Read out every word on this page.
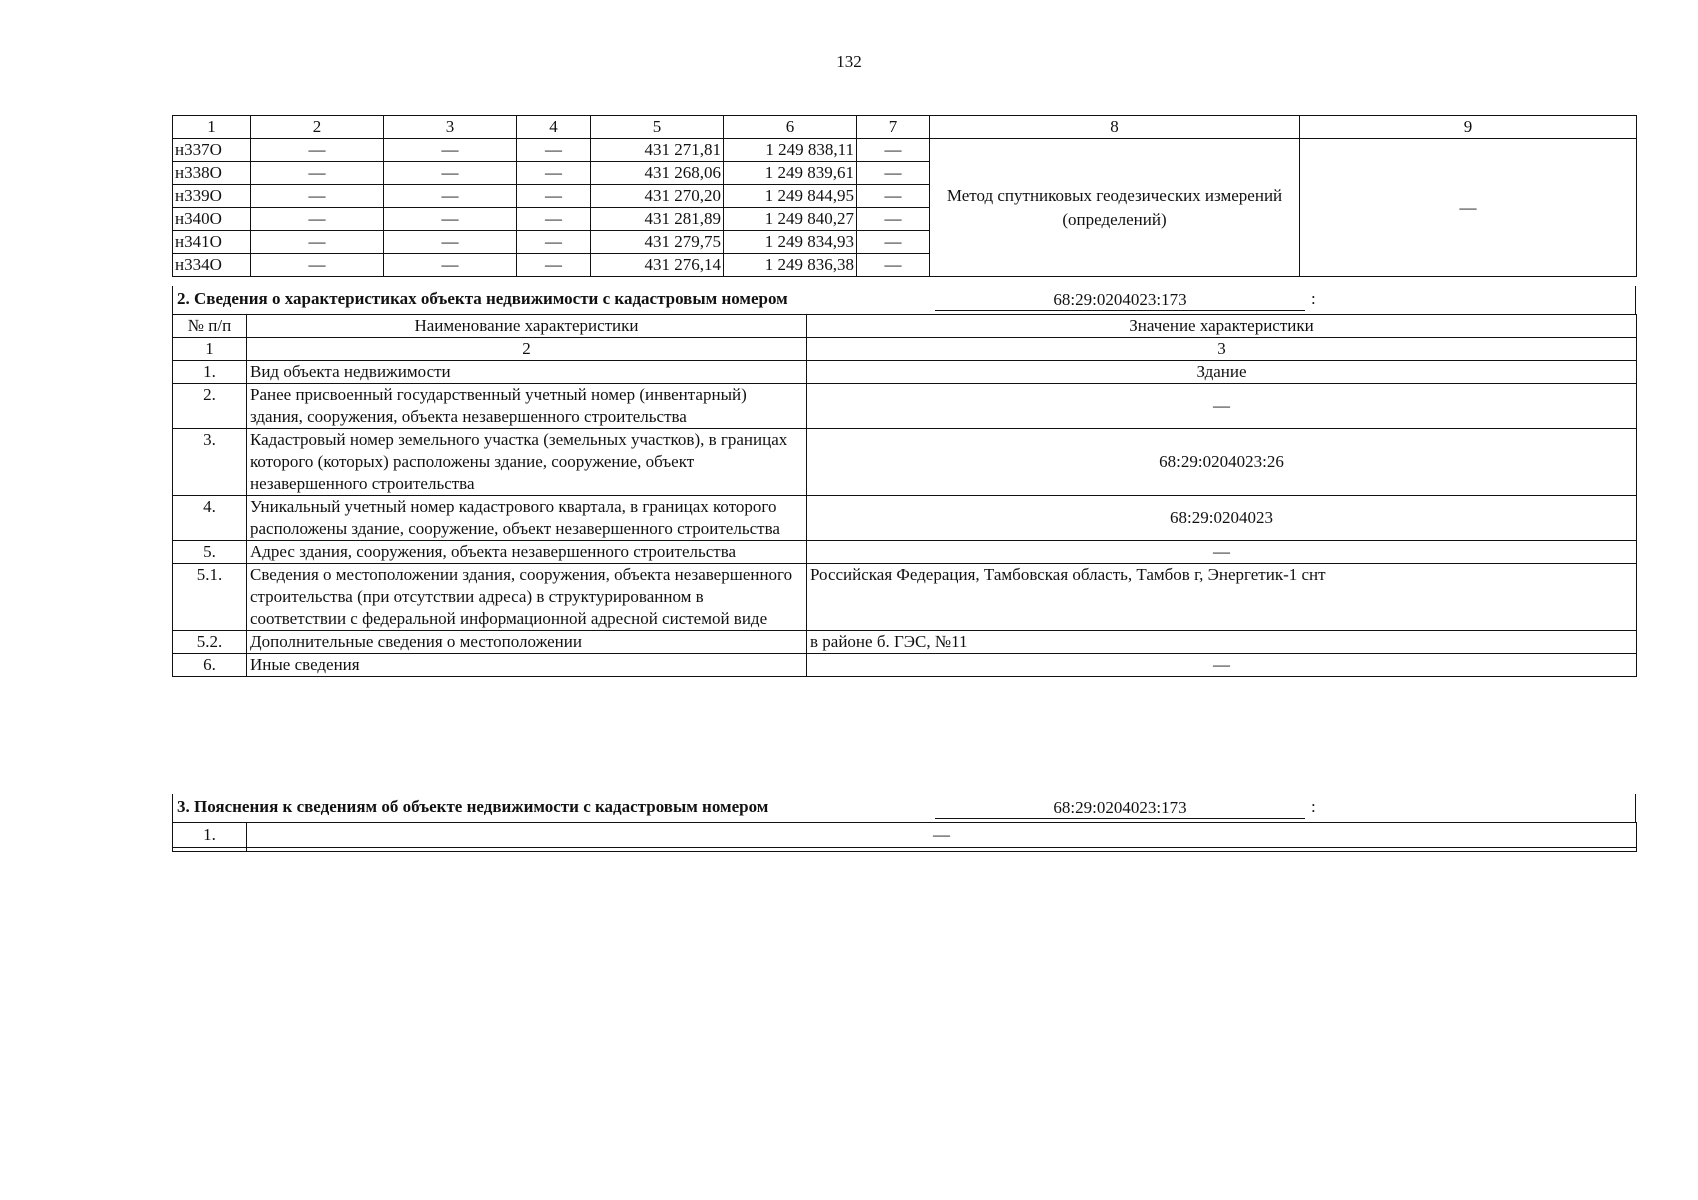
132
1	2	3	4	5	6	7	8	9
н337О	—	—	—	431 271,81	1 249 838,11	—	Метод спутниковых геодезических измерений (определений)	—
н338О	—	—	—	431 268,06	1 249 839,61	—		
н339О	—	—	—	431 270,20	1 249 844,95	—		
н340О	—	—	—	431 281,89	1 249 840,27	—		
н341О	—	—	—	431 279,75	1 249 834,93	—		
н334О	—	—	—	431 276,14	1 249 836,38	—		
2. Сведения о характеристиках объекта недвижимости с кадастровым номером	68:29:0204023:173	:
№ п/п	Наименование характеристики	Значение характеристики
1	2	3
1.	Вид объекта недвижимости	Здание
2.	Ранее присвоенный государственный учетный номер (инвентарный) здания, сооружения, объекта незавершенного строительства	—
3.	Кадастровый номер земельного участка (земельных участков), в границах которого (которых) расположены здание, сооружение, объект незавершенного строительства	68:29:0204023:26
4.	Уникальный учетный номер кадастрового квартала, в границах которого расположены здание, сооружение, объект незавершенного строительства	68:29:0204023
5.	Адрес здания, сооружения, объекта незавершенного строительства	—
5.1.	Сведения о местоположении здания, сооружения, объекта незавершенного строительства (при отсутствии адреса) в структурированном в соответствии с федеральной информационной адресной системой виде	Российская Федерация, Тамбовская область, Тамбов г, Энергетик-1 снт
5.2.	Дополнительные сведения о местоположении	в районе б. ГЭС, №11
6.	Иные сведения	—
3. Пояснения к сведениям об объекте недвижимости с кадастровым номером	68:29:0204023:173	:
1.	—
